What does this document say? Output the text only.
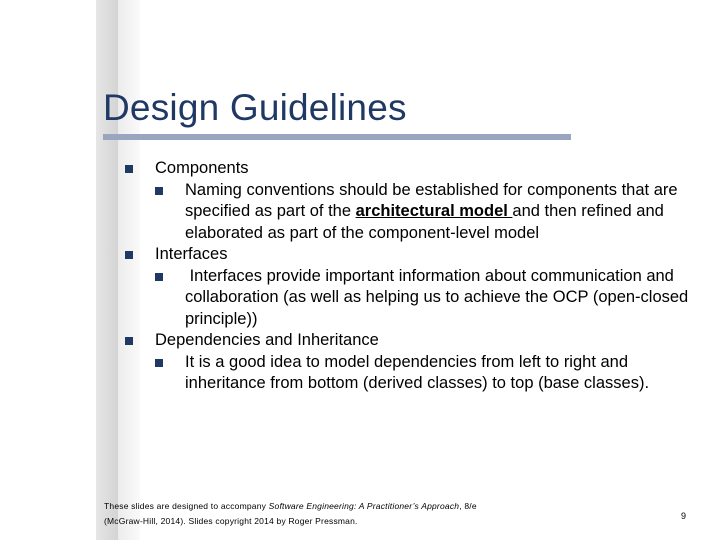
Design Guidelines
Components
Naming conventions should be established for components that are specified as part of the architectural model and then refined and elaborated as part of the component-level model
Interfaces
Interfaces provide important information about communication and collaboration (as well as helping us to achieve the OCP (open-closed principle))
Dependencies and Inheritance
It is a good idea to model dependencies from left to right and inheritance from bottom (derived classes) to top (base classes).
These slides are designed to accompany Software Engineering: A Practitioner’s Approach, 8/e
(McGraw-Hill, 2014). Slides copyright 2014 by Roger Pressman.	9
